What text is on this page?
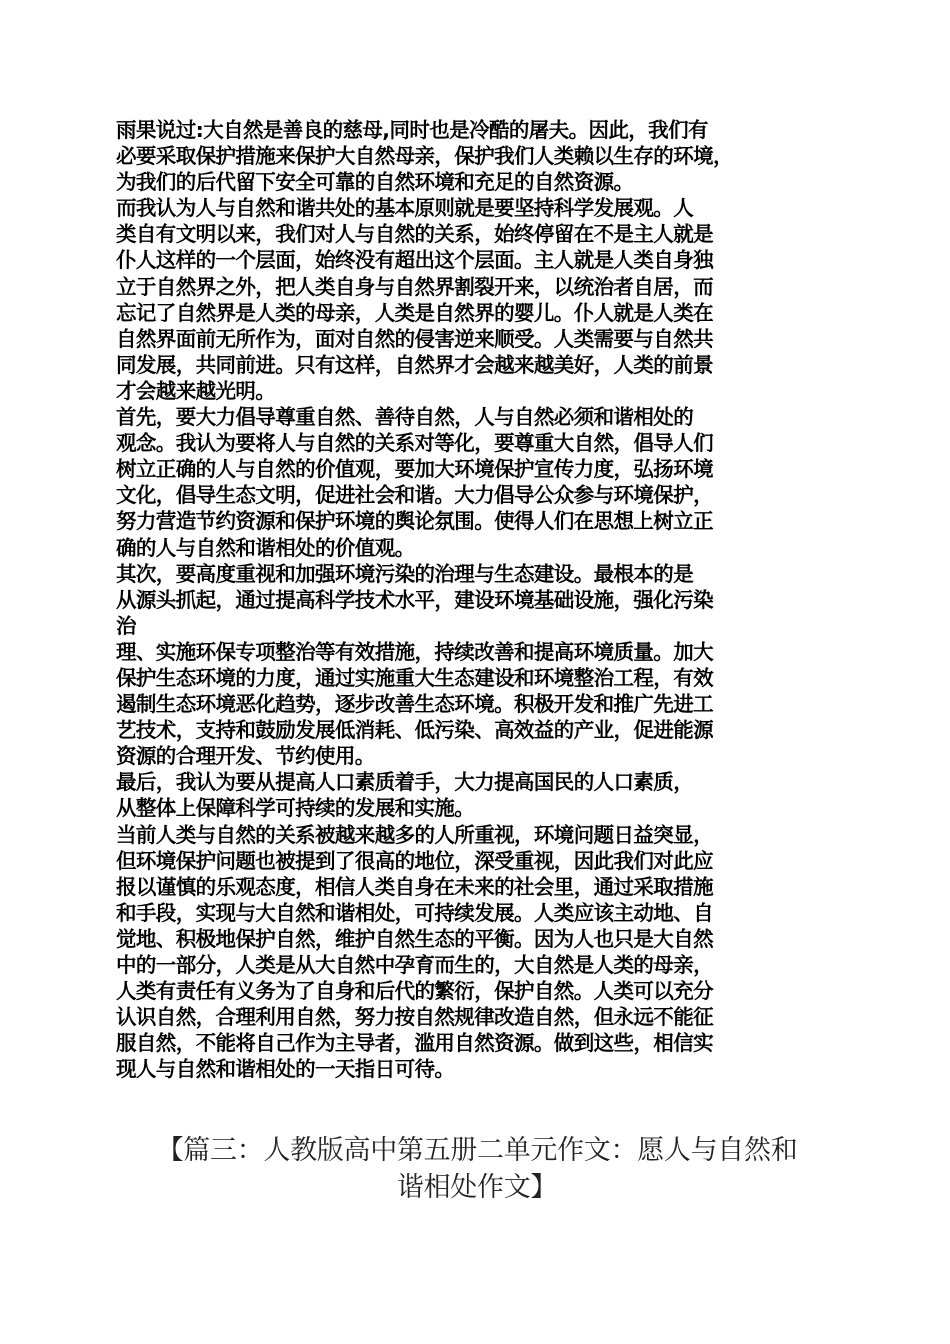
雨果说过:大自然是善良的慈母,同时也是冷酷的屠夫。因此，我们有
必要采取保护措施来保护大自然母亲，保护我们人类赖以生存的环境，
为我们的后代留下安全可靠的自然环境和充足的自然资源。
而我认为人与自然和谐共处的基本原则就是要坚持科学发展观。人
类自有文明以来，我们对人与自然的关系，始终停留在不是主人就是
仆人这样的一个层面，始终没有超出这个层面。主人就是人类自身独
立于自然界之外，把人类自身与自然界割裂开来，以统治者自居，而
忘记了自然界是人类的母亲，人类是自然界的婴儿。仆人就是人类在
自然界面前无所作为，面对自然的侵害逆来顺受。人类需要与自然共
同发展，共同前进。只有这样，自然界才会越来越美好，人类的前景
才会越来越光明。
首先，要大力倡导尊重自然、善待自然，人与自然必须和谐相处的
观念。我认为要将人与自然的关系对等化，要尊重大自然，倡导人们
树立正确的人与自然的价值观，要加大环境保护宣传力度，弘扬环境
文化，倡导生态文明，促进社会和谐。大力倡导公众参与环境保护，
努力营造节约资源和保护环境的舆论氛围。使得人们在思想上树立正
确的人与自然和谐相处的价值观。
其次，要高度重视和加强环境污染的治理与生态建设。最根本的是
从源头抓起，通过提高科学技术水平，建设环境基础设施，强化污染
治
理、实施环保专项整治等有效措施，持续改善和提高环境质量。加大
保护生态环境的力度，通过实施重大生态建设和环境整治工程，有效
遏制生态环境恶化趋势，逐步改善生态环境。积极开发和推广先进工
艺技术，支持和鼓励发展低消耗、低污染、高效益的产业，促进能源
资源的合理开发、节约使用。
最后，我认为要从提高人口素质着手，大力提高国民的人口素质，
从整体上保障科学可持续的发展和实施。
当前人类与自然的关系被越来越多的人所重视，环境问题日益突显，
但环境保护问题也被提到了很高的地位，深受重视，因此我们对此应
报以谨慎的乐观态度，相信人类自身在未来的社会里，通过采取措施
和手段，实现与大自然和谐相处，可持续发展。人类应该主动地、自
觉地、积极地保护自然，维护自然生态的平衡。因为人也只是大自然
中的一部分，人类是从大自然中孕育而生的，大自然是人类的母亲，
人类有责任有义务为了自身和后代的繁衍，保护自然。人类可以充分
认识自然，合理利用自然，努力按自然规律改造自然，但永远不能征
服自然，不能将自己作为主导者，滥用自然资源。做到这些，相信实
现人与自然和谐相处的一天指日可待。
【篇三：人教版高中第五册二单元作文：愿人与自然和
谐相处作文】
